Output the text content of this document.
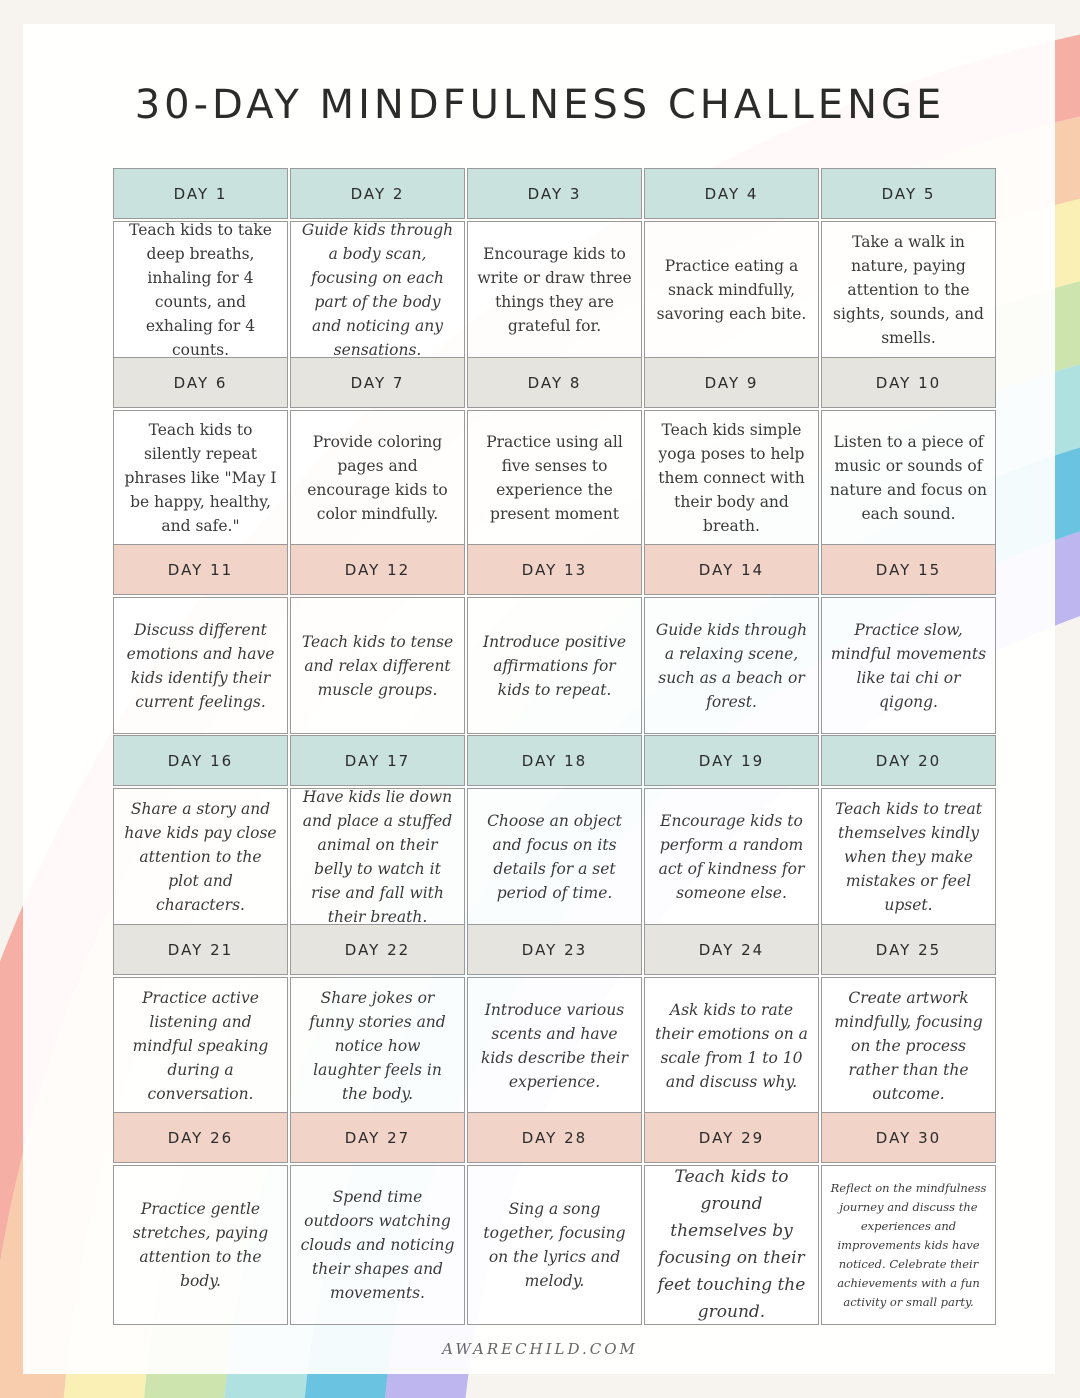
30-DAY MINDFULNESS CHALLENGE
DAY 1
Teach kids to take deep breaths, inhaling for 4 counts, and exhaling for 4 counts.
DAY 2
Guide kids through a body scan, focusing on each part of the body and noticing any sensations.
DAY 3
Encourage kids to write or draw three things they are grateful for.
DAY 4
Practice eating a snack mindfully, savoring each bite.
DAY 5
Take a walk in nature, paying attention to the sights, sounds, and smells.
DAY 6
Teach kids to silently repeat phrases like "May I be happy, healthy, and safe."
DAY 7
Provide coloring pages and encourage kids to color mindfully.
DAY 8
Practice using all five senses to experience the present moment
DAY 9
Teach kids simple yoga poses to help them connect with their body and breath.
DAY 10
Listen to a piece of music or sounds of nature and focus on each sound.
DAY 11
Discuss different emotions and have kids identify their current feelings.
DAY 12
Teach kids to tense and relax different muscle groups.
DAY 13
Introduce positive affirmations for kids to repeat.
DAY 14
Guide kids through a relaxing scene, such as a beach or forest.
DAY 15
Practice slow, mindful movements like tai chi or qigong.
DAY 16
Share a story and have kids pay close attention to the plot and characters.
DAY 17
Have kids lie down and place a stuffed animal on their belly to watch it rise and fall with their breath.
DAY 18
Choose an object and focus on its details for a set period of time.
DAY 19
Encourage kids to perform a random act of kindness for someone else.
DAY 20
Teach kids to treat themselves kindly when they make mistakes or feel upset.
DAY 21
Practice active listening and mindful speaking during a conversation.
DAY 22
Share jokes or funny stories and notice how laughter feels in the body.
DAY 23
Introduce various scents and have kids describe their experience.
DAY 24
Ask kids to rate their emotions on a scale from 1 to 10 and discuss why.
DAY 25
Create artwork mindfully, focusing on the process rather than the outcome.
DAY 26
Practice gentle stretches, paying attention to the body.
DAY 27
Spend time outdoors watching clouds and noticing their shapes and movements.
DAY 28
Sing a song together, focusing on the lyrics and melody.
DAY 29
Teach kids to ground themselves by focusing on their feet touching the ground.
DAY 30
Reflect on the mindfulness journey and discuss the experiences and improvements kids have noticed. Celebrate their achievements with a fun activity or small party.
AWARECHILD.COM
